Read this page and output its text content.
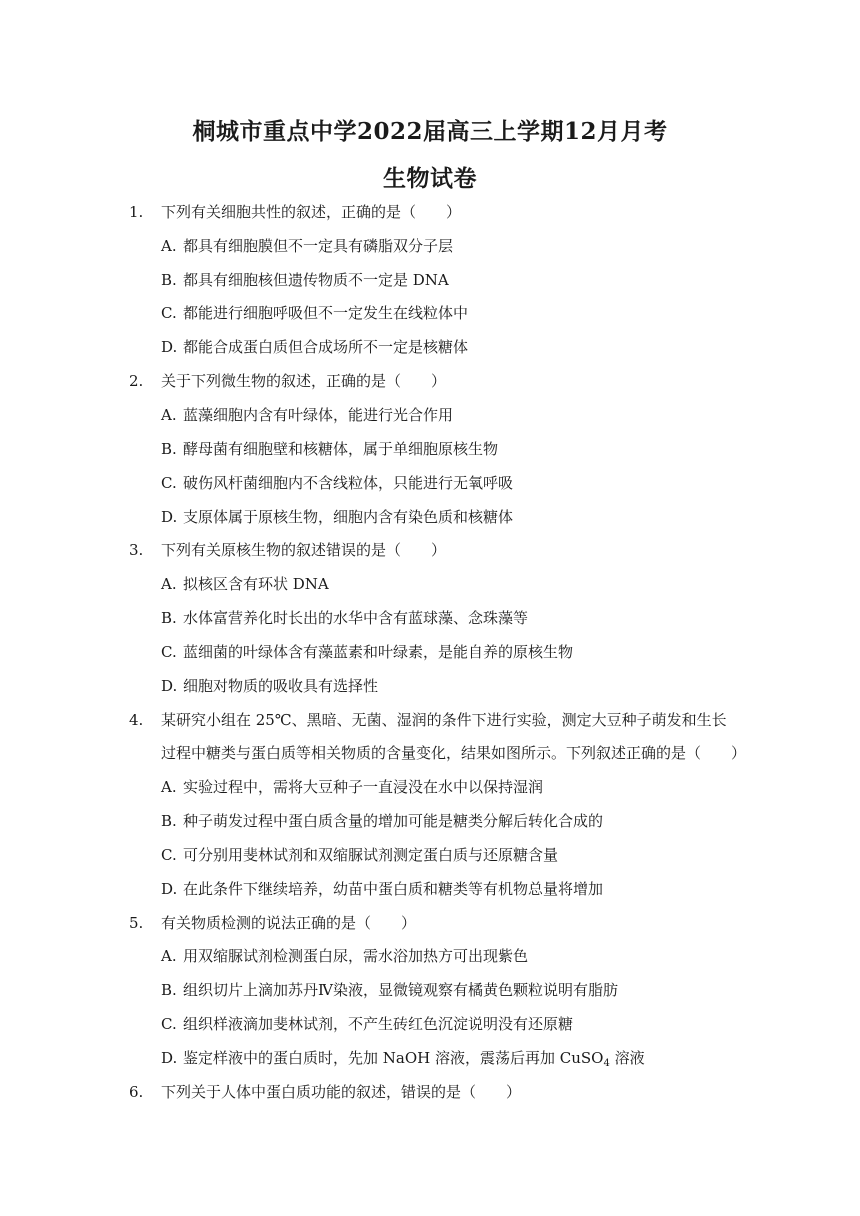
桐城市重点中学2022届高三上学期12月月考
生物试卷
1. 下列有关细胞共性的叙述，正确的是（　　）
A. 都具有细胞膜但不一定具有磷脂双分子层
B. 都具有细胞核但遗传物质不一定是 DNA
C. 都能进行细胞呼吸但不一定发生在线粒体中
D. 都能合成蛋白质但合成场所不一定是核糖体
2. 关于下列微生物的叙述，正确的是（　　）
A. 蓝藻细胞内含有叶绿体，能进行光合作用
B. 酵母菌有细胞壁和核糖体，属于单细胞原核生物
C. 破伤风杆菌细胞内不含线粒体，只能进行无氧呼吸
D. 支原体属于原核生物，细胞内含有染色质和核糖体
3. 下列有关原核生物的叙述错误的是（　　）
A. 拟核区含有环状 DNA
B. 水体富营养化时长出的水华中含有蓝球藻、念珠藻等
C. 蓝细菌的叶绿体含有藻蓝素和叶绿素，是能自养的原核生物
D. 细胞对物质的吸收具有选择性
4. 某研究小组在 25℃、黑暗、无菌、湿润的条件下进行实验，测定大豆种子萌发和生长
过程中糖类与蛋白质等相关物质的含量变化，结果如图所示。下列叙述正确的是（　　）
A. 实验过程中，需将大豆种子一直浸没在水中以保持湿润
B. 种子萌发过程中蛋白质含量的增加可能是糖类分解后转化合成的
C. 可分别用斐林试剂和双缩脲试剂测定蛋白质与还原糖含量
D. 在此条件下继续培养，幼苗中蛋白质和糖类等有机物总量将增加
5. 有关物质检测的说法正确的是（　　）
A. 用双缩脲试剂检测蛋白尿，需水浴加热方可出现紫色
B. 组织切片上滴加苏丹Ⅳ染液，显微镜观察有橘黄色颗粒说明有脂肪
C. 组织样液滴加斐林试剂，不产生砖红色沉淀说明没有还原糖
D. 鉴定样液中的蛋白质时，先加 NaOH 溶液，震荡后再加 CuSO$_4$ 溶液
6. 下列关于人体中蛋白质功能的叙述，错误的是（　　）
